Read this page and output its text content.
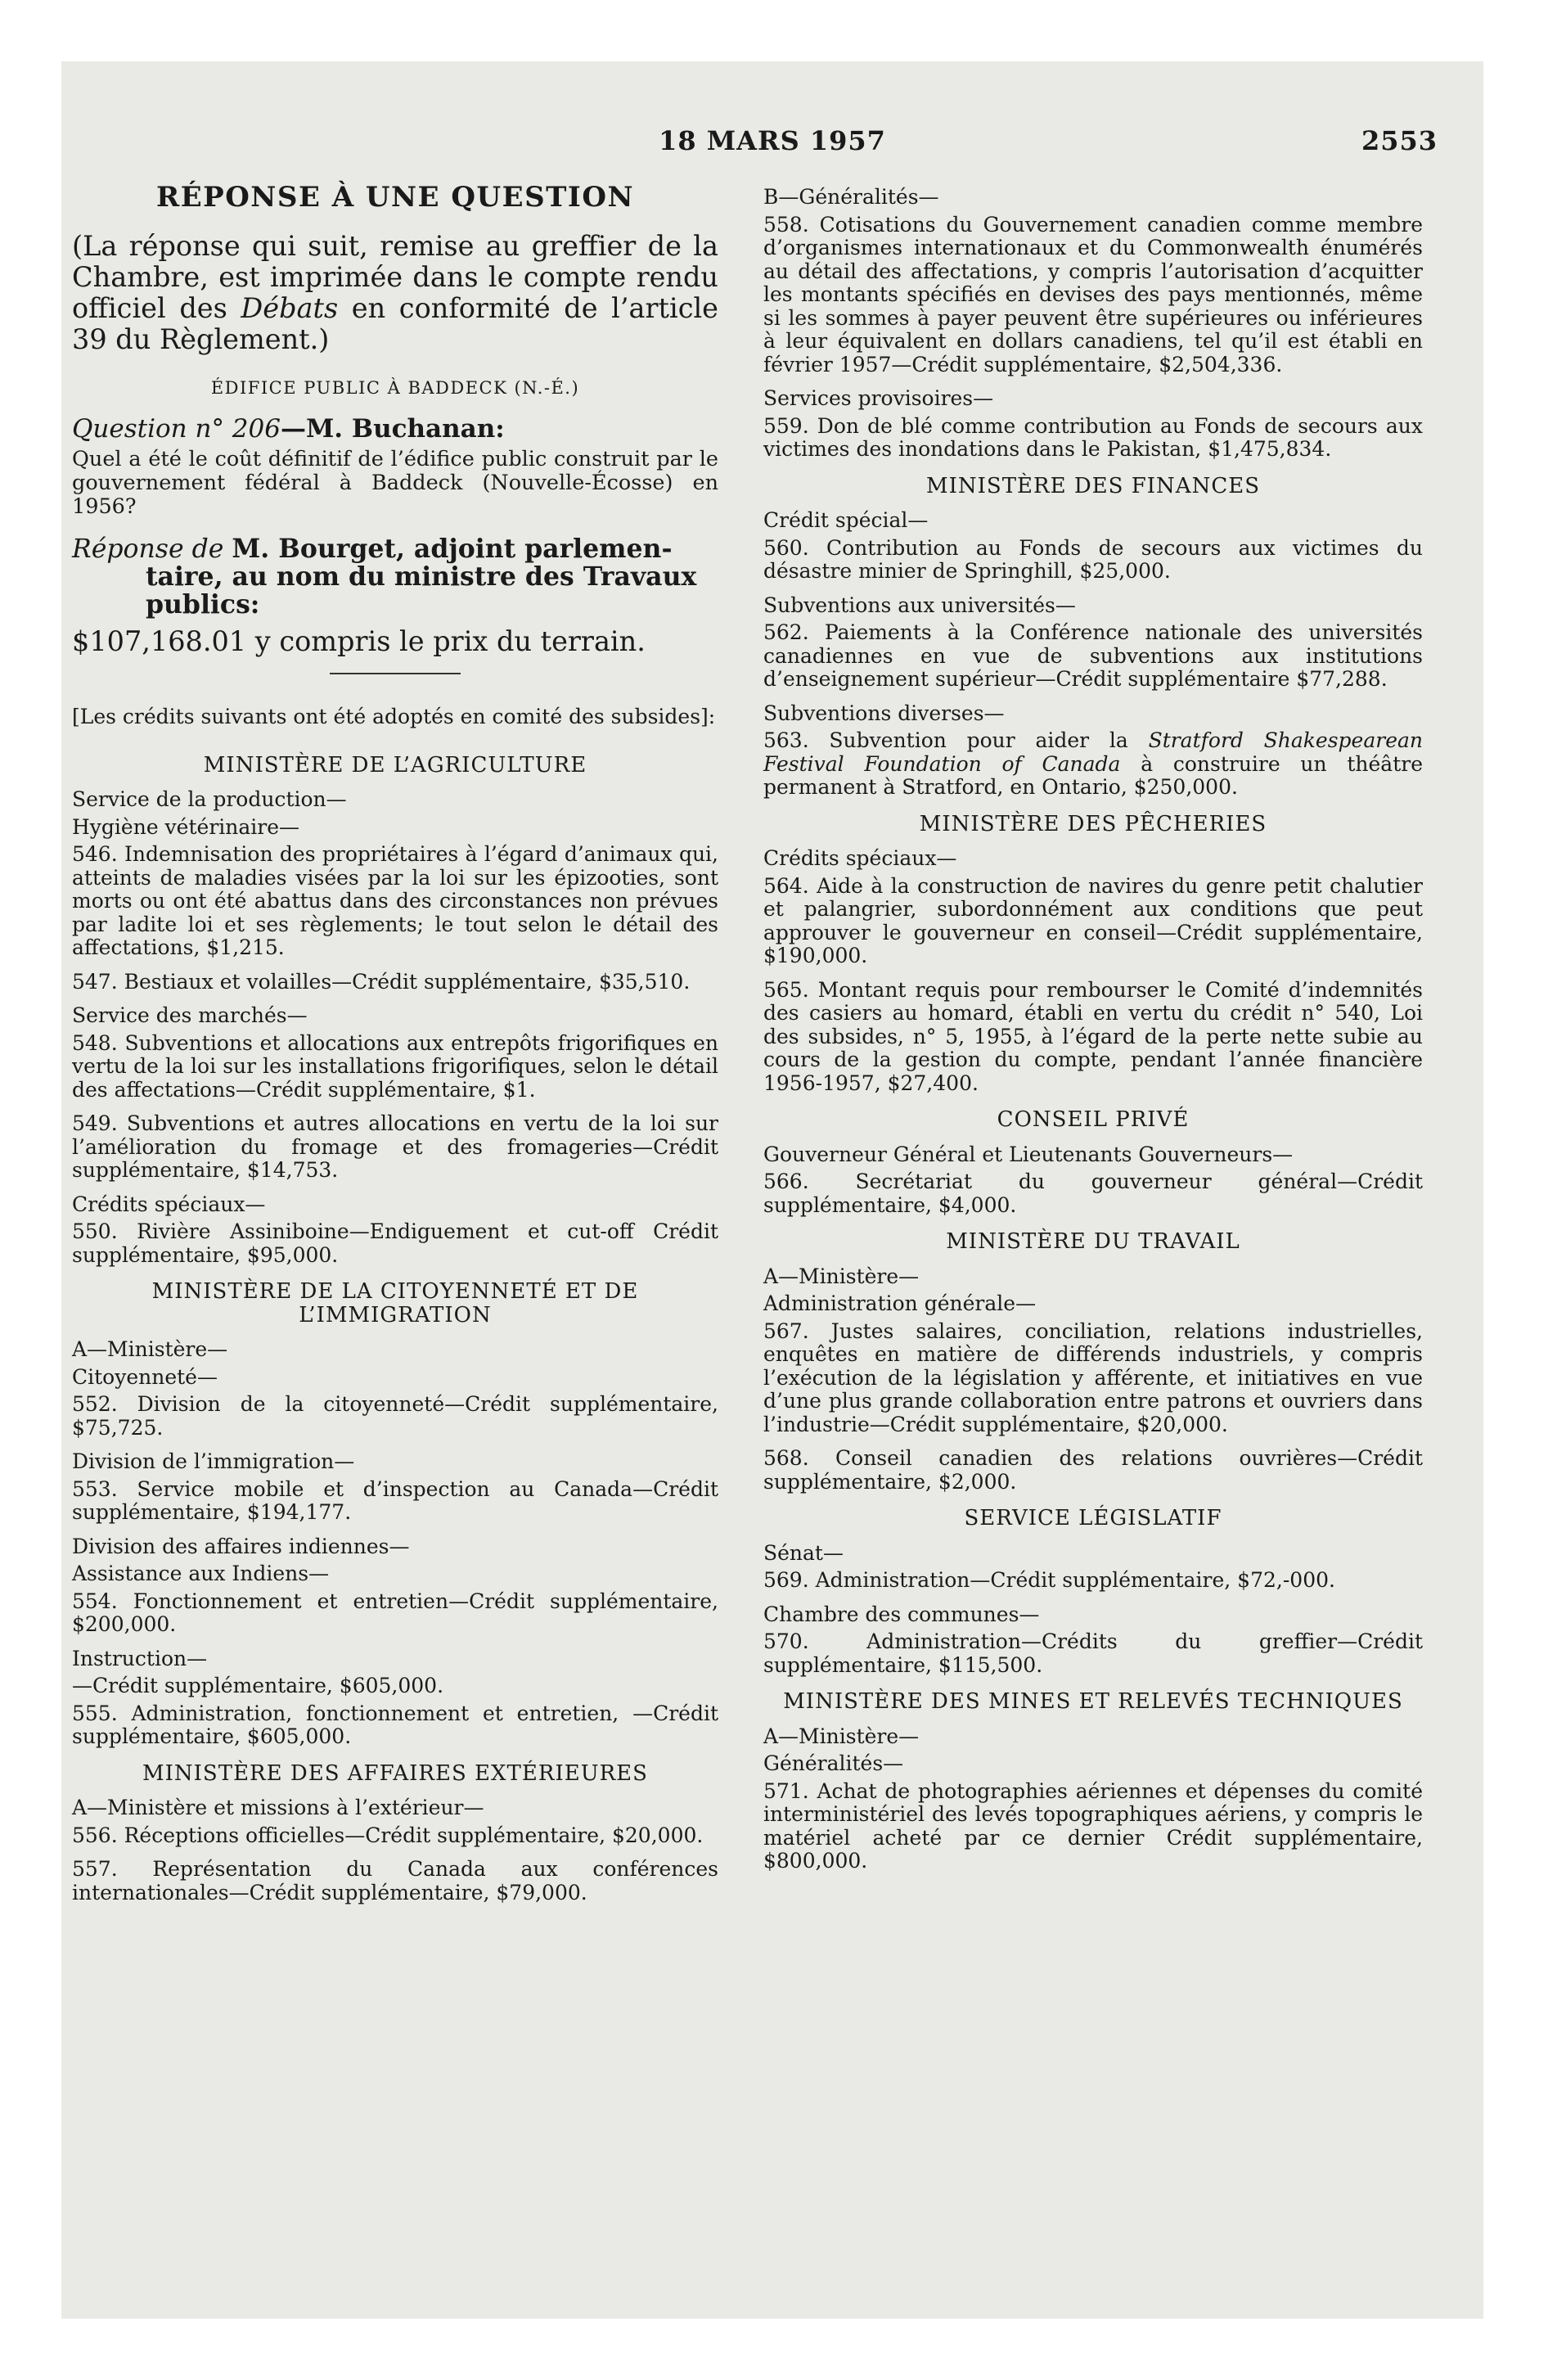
18 MARS 1957	2553
RÉPONSE À UNE QUESTION
(La réponse qui suit, remise au greffier de la Chambre, est imprimée dans le compte rendu officiel des Débats en conformité de l’article 39 du Règlement.)
ÉDIFICE PUBLIC À BADDECK (N.-É.)
Question n° 206—M. Buchanan:
Quel a été le coût définitif de l’édifice public construit par le gouvernement fédéral à Baddeck (Nouvelle-Écosse) en 1956?
Réponse de M. Bourget, adjoint parlemen-
taire, au nom du ministre des Travaux
publics:
$107,168.01 y compris le prix du terrain.
[Les crédits suivants ont été adoptés en comité des subsides]:
MINISTÈRE DE L’AGRICULTURE
Service de la production—
Hygiène vétérinaire—
546. Indemnisation des propriétaires à l’égard d’animaux qui, atteints de maladies visées par la loi sur les épizooties, sont morts ou ont été abattus dans des circonstances non prévues par ladite loi et ses règlements; le tout selon le détail des affectations, $1,215.
547. Bestiaux et volailles—Crédit supplémentaire, $35,510.
Service des marchés—
548. Subventions et allocations aux entrepôts frigorifiques en vertu de la loi sur les installations frigorifiques, selon le détail des affectations—Crédit supplémentaire, $1.
549. Subventions et autres allocations en vertu de la loi sur l’amélioration du fromage et des fromageries—Crédit supplémentaire, $14,753.
Crédits spéciaux—
550. Rivière Assiniboine—Endiguement et cut-off Crédit supplémentaire, $95,000.
MINISTÈRE DE LA CITOYENNETÉ ET DE L’IMMIGRATION
A—Ministère—
Citoyenneté—
552. Division de la citoyenneté—Crédit supplémentaire, $75,725.
Division de l’immigration—
553. Service mobile et d’inspection au Canada—Crédit supplémentaire, $194,177.
Division des affaires indiennes—
Assistance aux Indiens—
554. Fonctionnement et entretien—Crédit supplémentaire, $200,000.
Instruction—
—Crédit supplémentaire, $605,000.
555. Administration, fonctionnement et entretien, —Crédit supplémentaire, $605,000.
MINISTÈRE DES AFFAIRES EXTÉRIEURES
A—Ministère et missions à l’extérieur—
556. Réceptions officielles—Crédit supplémentaire, $20,000.
557. Représentation du Canada aux conférences internationales—Crédit supplémentaire, $79,000.
B—Généralités—
558. Cotisations du Gouvernement canadien comme membre d’organismes internationaux et du Commonwealth énumérés au détail des affectations, y compris l’autorisation d’acquitter les montants spécifiés en devises des pays mentionnés, même si les sommes à payer peuvent être supérieures ou inférieures à leur équivalent en dollars canadiens, tel qu’il est établi en février 1957—Crédit supplémentaire, $2,504,336.
Services provisoires—
559. Don de blé comme contribution au Fonds de secours aux victimes des inondations dans le Pakistan, $1,475,834.
MINISTÈRE DES FINANCES
Crédit spécial—
560. Contribution au Fonds de secours aux victimes du désastre minier de Springhill, $25,000.
Subventions aux universités—
562. Paiements à la Conférence nationale des universités canadiennes en vue de subventions aux institutions d’enseignement supérieur—Crédit supplémentaire $77,288.
Subventions diverses—
563. Subvention pour aider la Stratford Shakespearean Festival Foundation of Canada à construire un théâtre permanent à Stratford, en Ontario, $250,000.
MINISTÈRE DES PÊCHERIES
Crédits spéciaux—
564. Aide à la construction de navires du genre petit chalutier et palangrier, subordonnément aux conditions que peut approuver le gouverneur en conseil—Crédit supplémentaire, $190,000.
565. Montant requis pour rembourser le Comité d’indemnités des casiers au homard, établi en vertu du crédit n° 540, Loi des subsides, n° 5, 1955, à l’égard de la perte nette subie au cours de la gestion du compte, pendant l’année financière 1956-1957, $27,400.
CONSEIL PRIVÉ
Gouverneur Général et Lieutenants Gouverneurs—
566. Secrétariat du gouverneur général—Crédit supplémentaire, $4,000.
MINISTÈRE DU TRAVAIL
A—Ministère—
Administration générale—
567. Justes salaires, conciliation, relations industrielles, enquêtes en matière de différends industriels, y compris l’exécution de la législation y afférente, et initiatives en vue d’une plus grande collaboration entre patrons et ouvriers dans l’industrie—Crédit supplémentaire, $20,000.
568. Conseil canadien des relations ouvrières—Crédit supplémentaire, $2,000.
SERVICE LÉGISLATIF
Sénat—
569. Administration—Crédit supplémentaire, $72,-000.
Chambre des communes—
570. Administration—Crédits du greffier—Crédit supplémentaire, $115,500.
MINISTÈRE DES MINES ET RELEVÉS TECHNIQUES
A—Ministère—
Généralités—
571. Achat de photographies aériennes et dépenses du comité interministériel des levés topographiques aériens, y compris le matériel acheté par ce dernier Crédit supplémentaire, $800,000.
